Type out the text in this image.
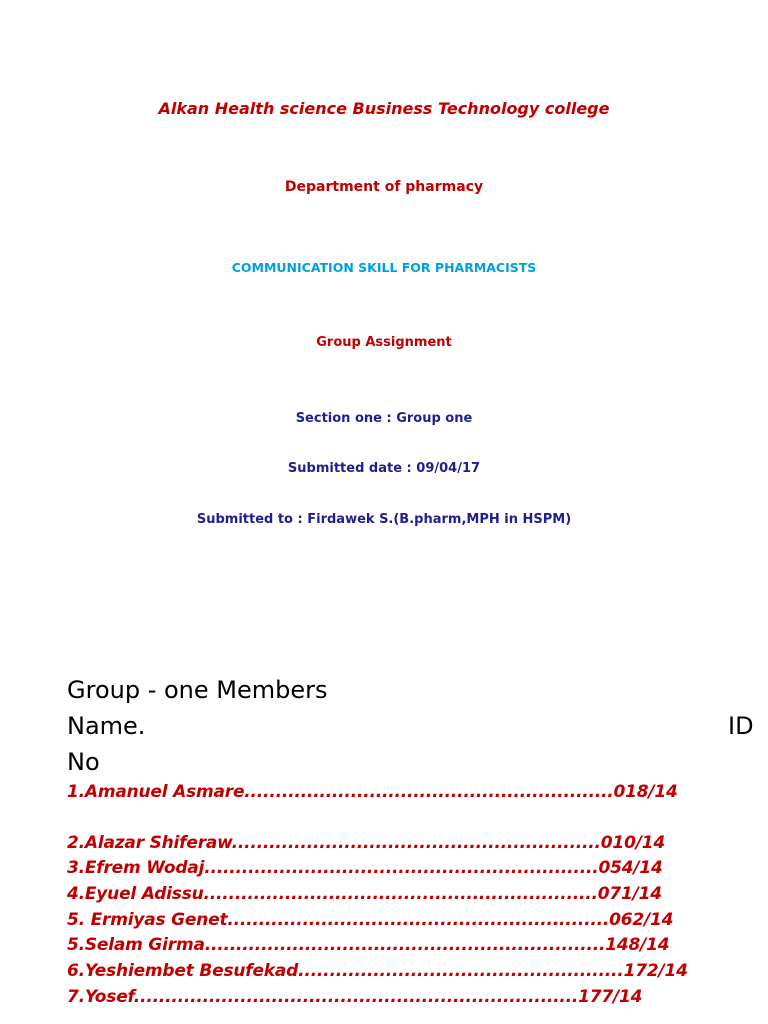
Alkan Health science Business Technology college
Department of pharmacy
COMMUNICATION SKILL FOR PHARMACISTS
Group Assignment
Section one : Group one
Submitted date : 09/04/17
Submitted to : Firdawek S.(B.pharm,MPH in HSPM)
Group - one Members
Name.	ID
No
1.Amanuel Asmare...........................................................018/14
2.Alazar Shiferaw...........................................................010/14
3.Efrem Wodaj...............................................................054/14
4.Eyuel Adissu...............................................................071/14
5. Ermiyas Genet.............................................................062/14
5.Selam Girma................................................................148/14
6.Yeshiembet Besufekad....................................................172/14
7.Yosef.......................................................................177/14
